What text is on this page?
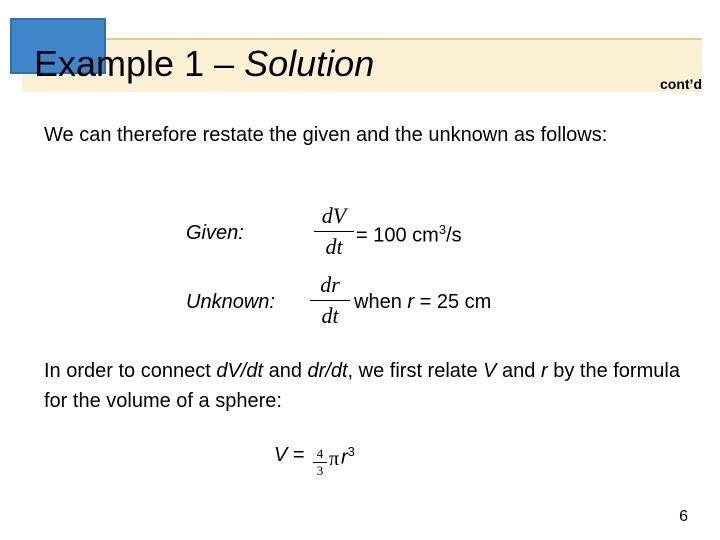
Example 1 – Solution	cont’d
We can therefore restate the given and the unknown as follows:
Given:
dV
dt = 100 $cm^3/s$
Unknown:
dr
dt
when r = 25 cm
In order to connect dV/dt and dr/dt, we first relate V and r by the formula for the volume of a sphere:
V = 4
3
π $r^3$
6
